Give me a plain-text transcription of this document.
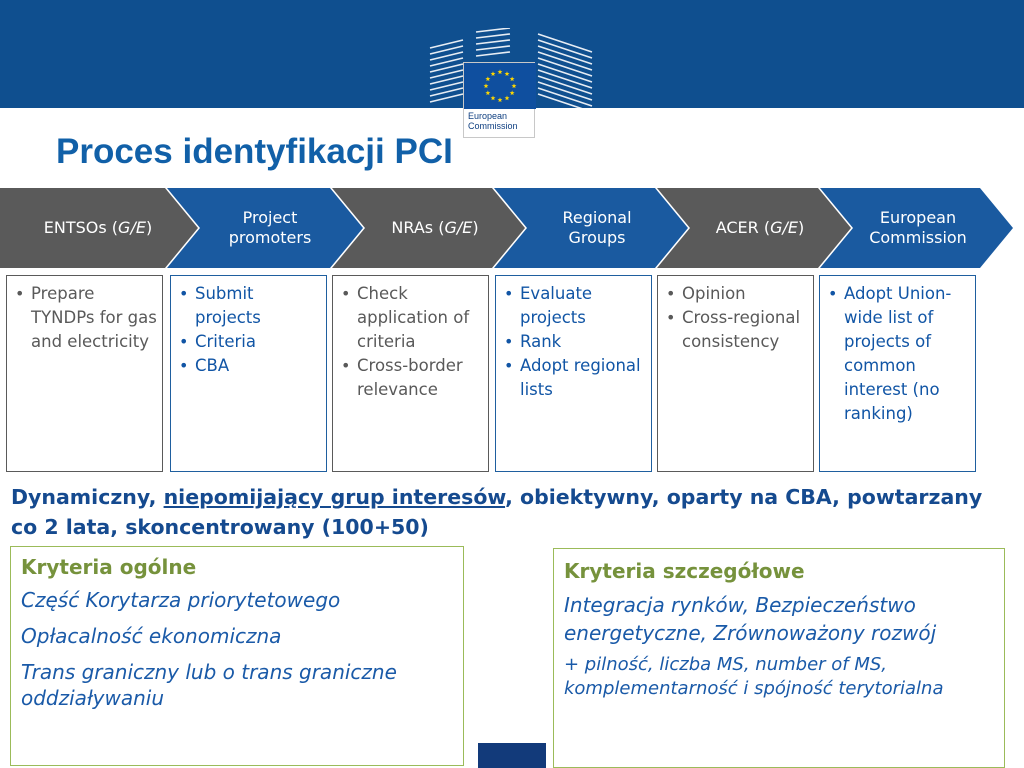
European
Commission
Proces identyfikacji PCI
ENTSOs (G/E)
Project
promoters
NRAs (G/E)
Regional
Groups
ACER (G/E)
European
Commission
• Prepare TYNDPs for gas and electricity
• Submit projects
• Criteria
• CBA
• Check application of criteria
• Cross-border relevance
• Evaluate projects
• Rank
• Adopt regional lists
• Opinion
• Cross-regional consistency
• Adopt Union-wide list of projects of common interest (no ranking)

Dynamiczny, niepomijający grup interesów, obiektywny, oparty na CBA, powtarzany co 2 lata, skoncentrowany (100+50)

Kryteria ogólne
Część Korytarza priorytetowego
Opłacalność ekonomiczna
Trans graniczny lub o trans graniczne oddziaływaniu
Kryteria szczegółowe
Integracja rynków, Bezpieczeństwo energetyczne, Zrównoważony rozwój
+ pilność, liczba MS, number of MS, komplementarność i spójność terytorialna
